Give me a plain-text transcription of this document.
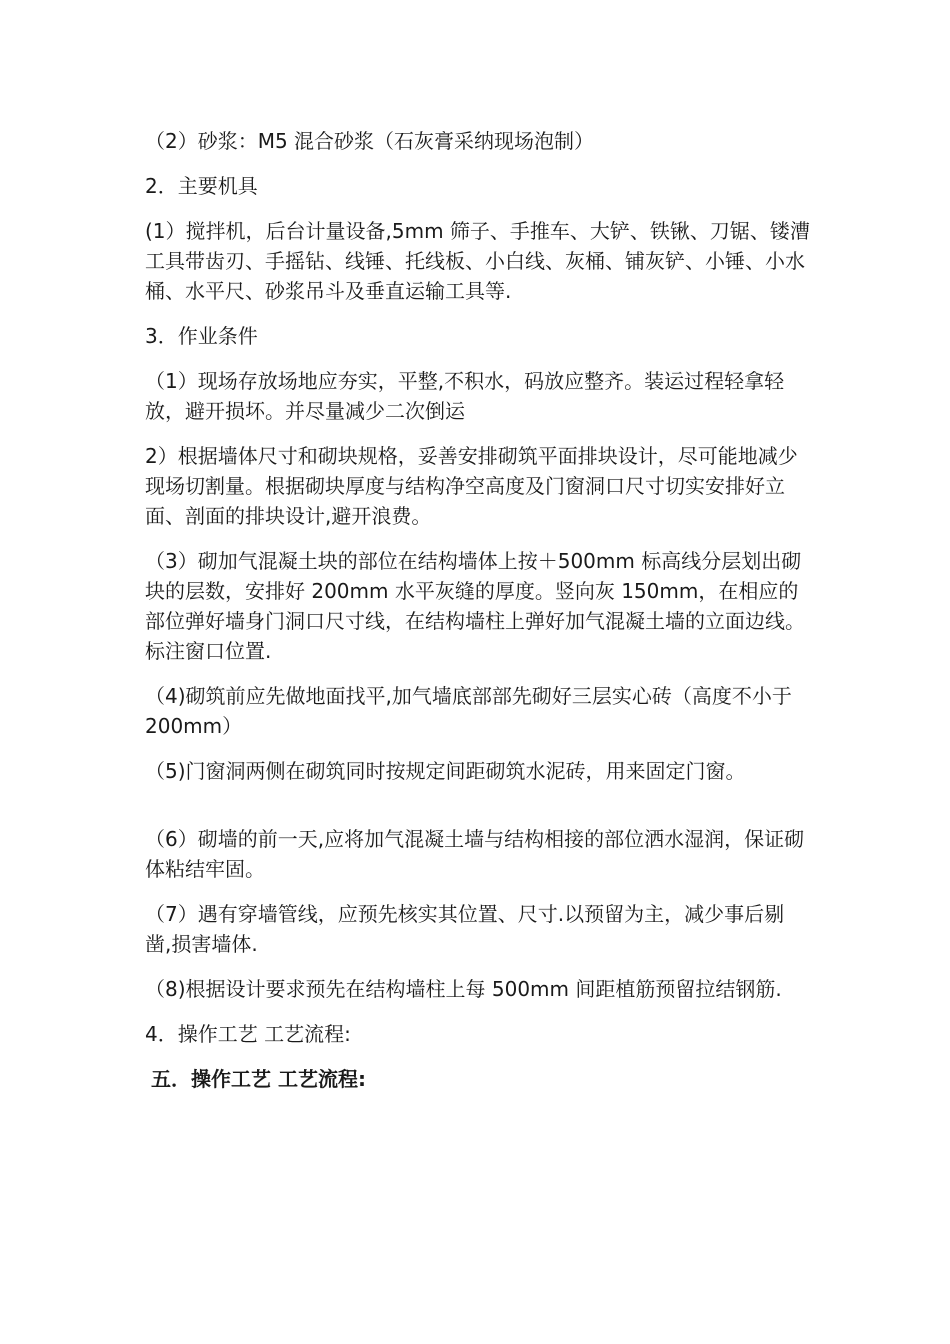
（2）砂浆：M5 混合砂浆（石灰膏采纳现场泡制）

2．主要机具

(1）搅拌机，后台计量设备,5mm 筛子、手推车、大铲、铁锹、刀锯、镂漕工具带齿刃、手摇钻、线锤、托线板、小白线、灰桶、铺灰铲、小锤、小水桶、水平尺、砂浆吊斗及垂直运输工具等.

3．作业条件

（1）现场存放场地应夯实，平整,不积水，码放应整齐。装运过程轻拿轻放，避开损坏。并尽量减少二次倒运

2）根据墙体尺寸和砌块规格，妥善安排砌筑平面排块设计，尽可能地减少现场切割量。根据砌块厚度与结构净空高度及门窗洞口尺寸切实安排好立面、剖面的排块设计,避开浪费。

（3）砌加气混凝土块的部位在结构墙体上按＋500mm 标高线分层划出砌块的层数，安排好 200mm 水平灰缝的厚度。竖向灰 150mm，在相应的部位弹好墙身门洞口尺寸线，在结构墙柱上弹好加气混凝土墙的立面边线。标注窗口位置.

（4)砌筑前应先做地面找平,加气墙底部部先砌好三层实心砖（高度不小于 200mm）

（5)门窗洞两侧在砌筑同时按规定间距砌筑水泥砖，用来固定门窗。

（6）砌墙的前一天,应将加气混凝土墙与结构相接的部位洒水湿润，保证砌体粘结牢固。

（7）遇有穿墙管线，应预先核实其位置、尺寸.以预留为主，减少事后剔凿,损害墙体.

（8)根据设计要求预先在结构墙柱上每 500mm 间距植筋预留拉结钢筋.

4．操作工艺 工艺流程:

五．操作工艺 工艺流程:
